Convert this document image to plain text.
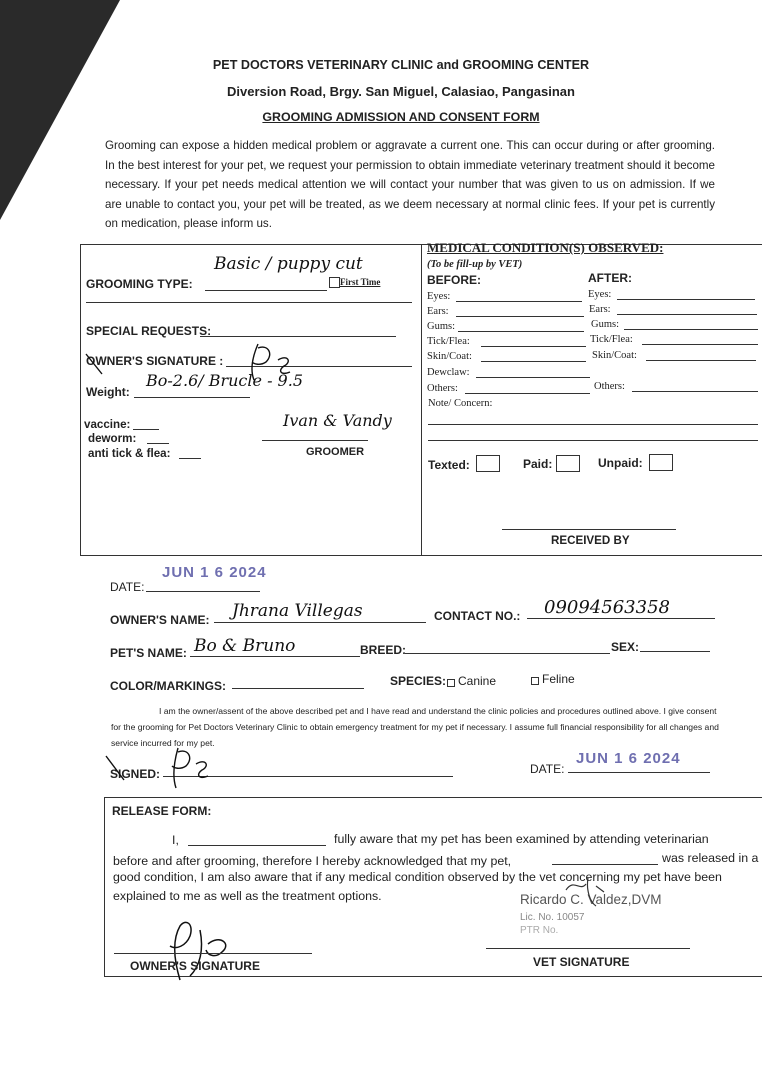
PET DOCTORS VETERINARY CLINIC and GROOMING CENTER
Diversion Road, Brgy. San Miguel, Calasiao, Pangasinan
GROOMING ADMISSION AND CONSENT FORM
Grooming can expose a hidden medical problem or aggravate a current one. This can occur during or after grooming. In the best interest for your pet, we request your permission to obtain immediate veterinary treatment should it become necessary. If your pet needs medical attention we will contact your number that was given to us on admission. If we are unable to contact you, your pet will be treated, as we deem necessary at normal clinic fees. If your pet is currently on medication, please inform us.
GROOMING TYPE:
Basic / puppy cut
First Time
SPECIAL REQUESTS:
OWNER'S SIGNATURE :
Weight:
Bo-2.6/ Brucle - 9.5
vaccine:
deworm:
anti tick & flea:
Ivan & Vandy
GROOMER
MEDICAL CONDITION(S) OBSERVED:
(To be fill-up by VET)
BEFORE:	AFTER:
Eyes:
Ears:
Gums:
Tick/Flea:
Skin/Coat:
Dewclaw:
Others:
Eyes:
Ears:
Gums:
Tick/Flea:
Skin/Coat:
Others:
Note/ Concern:
Texted:	Paid:	Unpaid:
RECEIVED BY
DATE:
JUN 1 6 2024
OWNER'S NAME: Jhrana Villegas	CONTACT NO.: 09094563358
PET'S NAME: Bo & Bruno	BREED:	SEX:
COLOR/MARKINGS:	SPECIES: Canine	Feline
I am the owner/assent of the above described pet and I have read and understand the clinic policies and procedures outlined above. I give consent for the grooming for Pet Doctors Veterinary Clinic to obtain emergency treatment for my pet if necessary. I assume full financial responsibility for all changes and service incurred for my pet.
SIGNED:	DATE:
JUN 1 6 2024
RELEASE FORM:
I,	fully aware that my pet has been examined by attending veterinarian
before and after grooming, therefore I hereby acknowledged that my pet,	was released in a
good condition, I am also aware that if any medical condition observed by the vet concerning my pet have been
explained to me as well as the treatment options.	Ricardo C. Valdez,DVM
Lic. No. 10057
PTR No.
OWNER'S SIGNATURE	VET SIGNATURE
